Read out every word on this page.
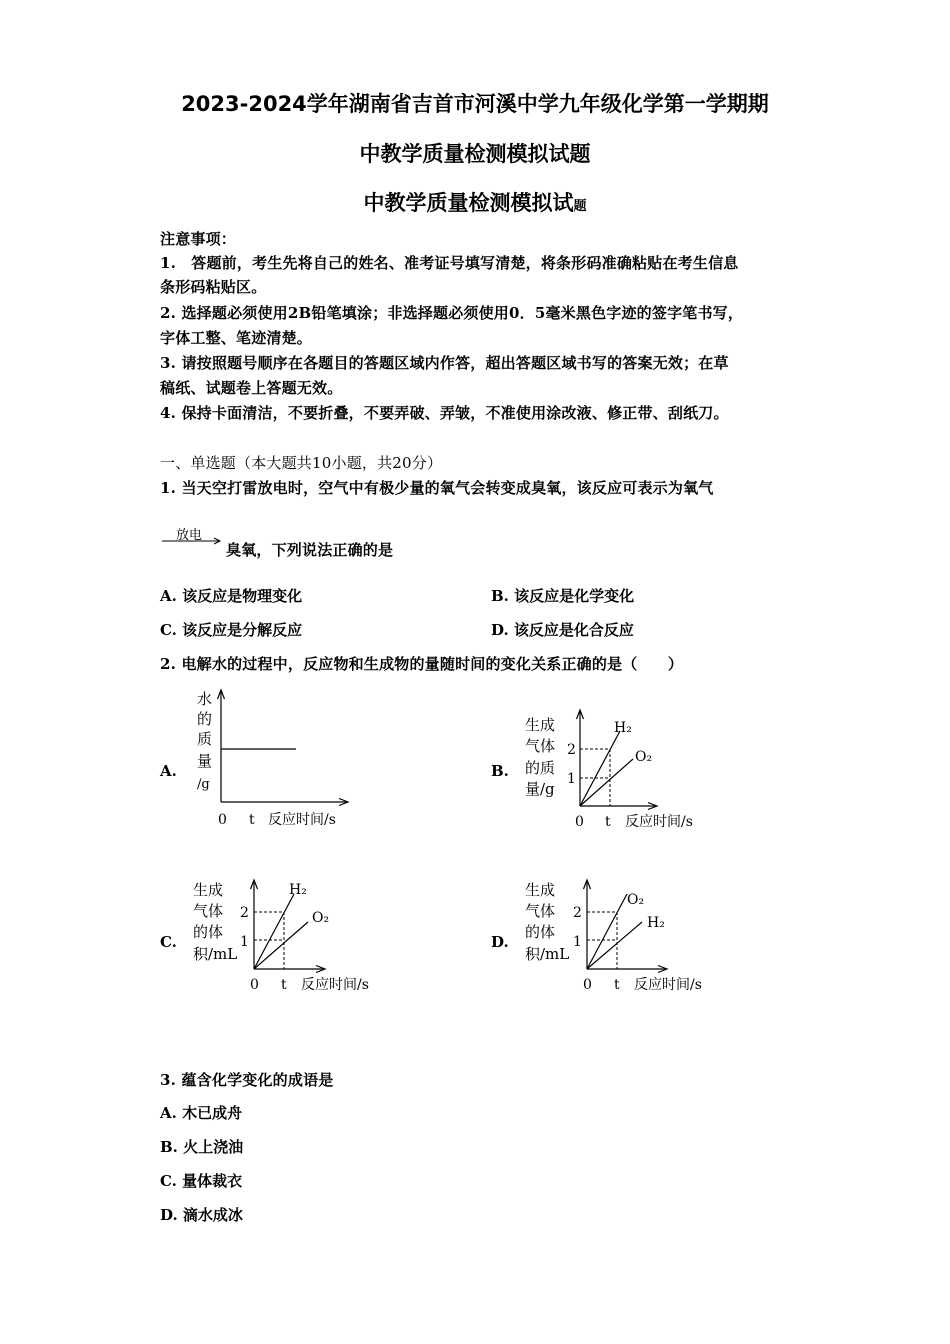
2023-2024学年湖南省吉首市河溪中学九年级化学第一学期期
中教学质量检测模拟试题
中教学质量检测模拟试题
注意事项：
1.　答题前，考生先将自己的姓名、准考证号填写清楚，将条形码准确粘贴在考生信息
条形码粘贴区。
2. 选择题必须使用2B铅笔填涂；非选择题必须使用0．5毫米黑色字迹的签字笔书写，
字体工整、笔迹清楚。
3. 请按照题号顺序在各题目的答题区域内作答，超出答题区域书写的答案无效；在草
稿纸、试题卷上答题无效。
4. 保持卡面清洁，不要折叠，不要弄破、弄皱，不准使用涂改液、修正带、刮纸刀。
一、单选题（本大题共10小题，共20分）
1. 当天空打雷放电时，空气中有极少量的氧气会转变成臭氧，该反应可表示为氧气
放电
臭氧，下列说法正确的是
A. 该反应是物理变化	B. 该反应是化学变化
C. 该反应是分解反应	D. 该反应是化合反应
2. 电解水的过程中，反应物和生成物的量随时间的变化关系正确的是（　　）
A.
水
的
质
量
/g
0 t 反应时间/s
B.
生成
气体
的质
量/g
2
1
H₂
O₂
0 t 反应时间/s
C.
生成
气体
的体
积/mL
2
1
H₂
O₂
0 t 反应时间/s
D.
生成
气体
的体
积/mL
2
1
O₂
H₂
0 t 反应时间/s
3. 蕴含化学变化的成语是
A. 木已成舟
B. 火上浇油
C. 量体裁衣
D. 滴水成冰
